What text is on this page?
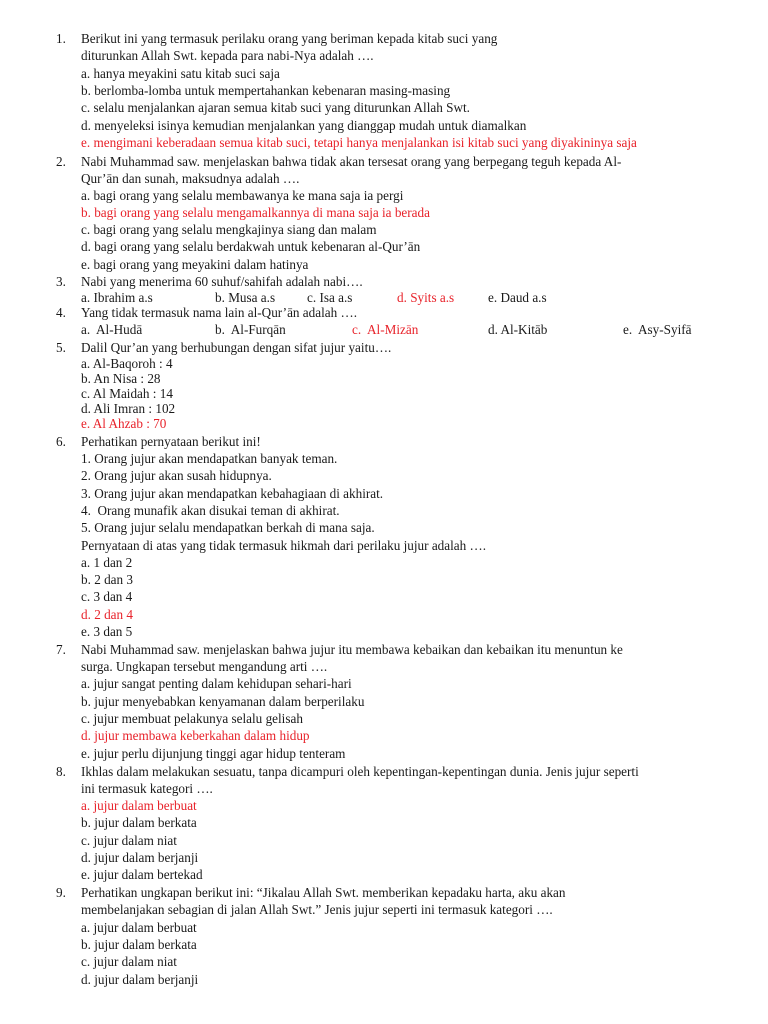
1. Berikut ini yang termasuk perilaku orang yang beriman kepada kitab suci yang
diturunkan Allah Swt. kepada para nabi-Nya adalah ….
a. hanya meyakini satu kitab suci saja
b. berlomba-lomba untuk mempertahankan kebenaran masing-masing
c. selalu menjalankan ajaran semua kitab suci yang diturunkan Allah Swt.
d. menyeleksi isinya kemudian menjalankan yang dianggap mudah untuk diamalkan
e. mengimani keberadaan semua kitab suci, tetapi hanya menjalankan isi kitab suci yang diyakininya saja
2. Nabi Muhammad saw. menjelaskan bahwa tidak akan tersesat orang yang berpegang teguh kepada Al-
Qur’ān dan sunah, maksudnya adalah ….
a. bagi orang yang selalu membawanya ke mana saja ia pergi
b. bagi orang yang selalu mengamalkannya di mana saja ia berada
c. bagi orang yang selalu mengkajinya siang dan malam
d. bagi orang yang selalu berdakwah untuk kebenaran al-Qur’ān
e. bagi orang yang meyakini dalam hatinya
3. Nabi yang menerima 60 suhuf/sahifah adalah nabi….
a. Ibrahim a.s	b. Musa a.s c. Isa a.s	d. Syits a.s	e. Daud a.s
4. Yang tidak termasuk nama lain al-Qur’ān adalah ….
a. Al-Hudā	b. Al-Furqān	c. Al-Mizān	d. Al-Kitāb	e. Asy-Syifā
5. Dalil Qur’an yang berhubungan dengan sifat jujur yaitu….
a. Al-Baqoroh : 4
b. An Nisa : 28
c. Al Maidah : 14
d. Ali Imran : 102
e. Al Ahzab : 70
6. Perhatikan pernyataan berikut ini!
1. Orang jujur akan mendapatkan banyak teman.
2. Orang jujur akan susah hidupnya.
3. Orang jujur akan mendapatkan kebahagiaan di akhirat.
4. Orang munafik akan disukai teman di akhirat.
5. Orang jujur selalu mendapatkan berkah di mana saja.
Pernyataan di atas yang tidak termasuk hikmah dari perilaku jujur adalah ….
a. 1 dan 2
b. 2 dan 3
c. 3 dan 4
d. 2 dan 4
e. 3 dan 5
7. Nabi Muhammad saw. menjelaskan bahwa jujur itu membawa kebaikan dan kebaikan itu menuntun ke
surga. Ungkapan tersebut mengandung arti ….
a. jujur sangat penting dalam kehidupan sehari-hari
b. jujur menyebabkan kenyamanan dalam berperilaku
c. jujur membuat pelakunya selalu gelisah
d. jujur membawa keberkahan dalam hidup
e. jujur perlu dijunjung tinggi agar hidup tenteram
8. Ikhlas dalam melakukan sesuatu, tanpa dicampuri oleh kepentingan-kepentingan dunia. Jenis jujur seperti
ini termasuk kategori ….
a. jujur dalam berbuat
b. jujur dalam berkata
c. jujur dalam niat
d. jujur dalam berjanji
e. jujur dalam bertekad
9. Perhatikan ungkapan berikut ini: “Jikalau Allah Swt. memberikan kepadaku harta, aku akan
membelanjakan sebagian di jalan Allah Swt.” Jenis jujur seperti ini termasuk kategori ….
a. jujur dalam berbuat
b. jujur dalam berkata
c. jujur dalam niat
d. jujur dalam berjanji
